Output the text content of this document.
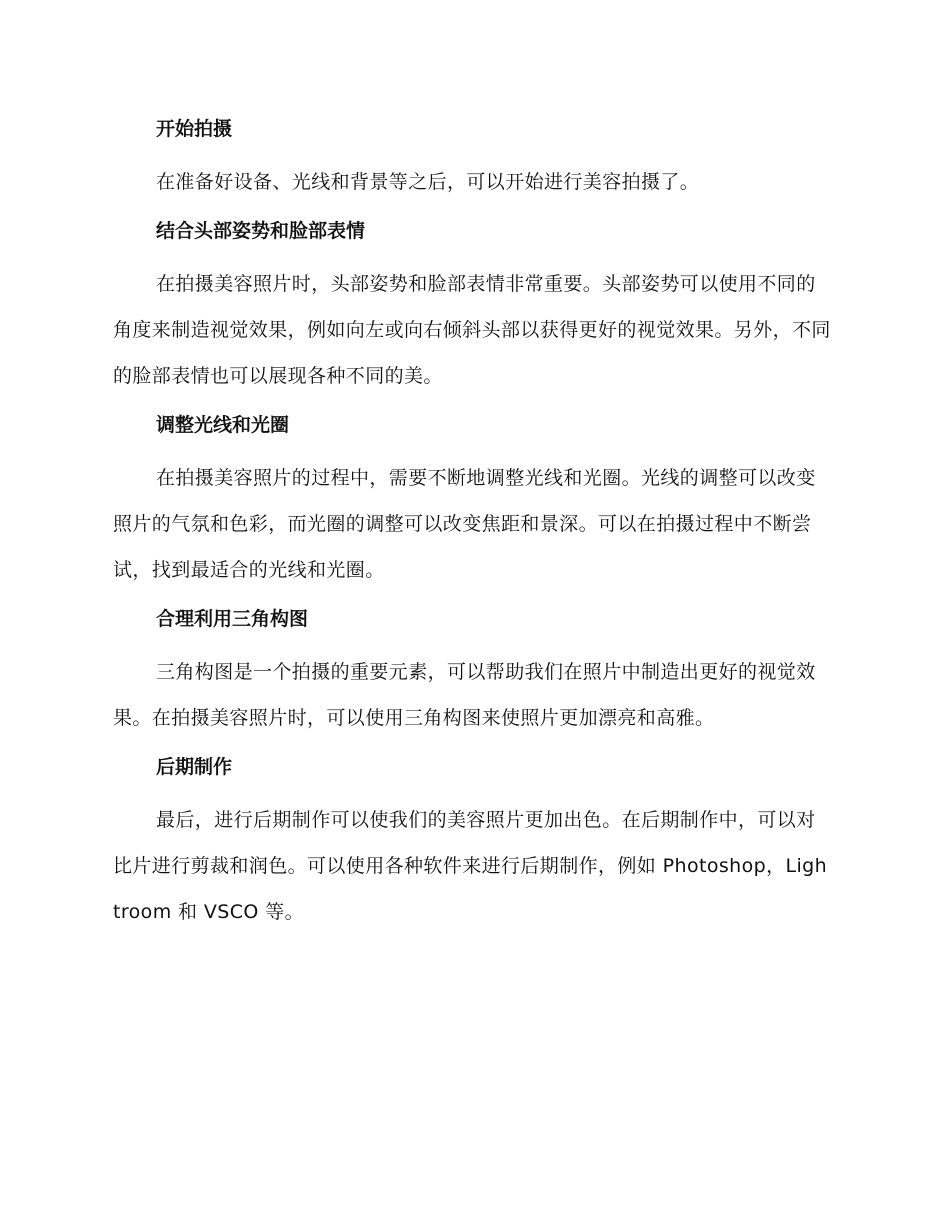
开始拍摄

在准备好设备、光线和背景等之后，可以开始进行美容拍摄了。

结合头部姿势和脸部表情

在拍摄美容照片时，头部姿势和脸部表情非常重要。头部姿势可以使用不同的角度来制造视觉效果，例如向左或向右倾斜头部以获得更好的视觉效果。另外，不同的脸部表情也可以展现各种不同的美。

调整光线和光圈

在拍摄美容照片的过程中，需要不断地调整光线和光圈。光线的调整可以改变照片的气氛和色彩，而光圈的调整可以改变焦距和景深。可以在拍摄过程中不断尝试，找到最适合的光线和光圈。

合理利用三角构图

三角构图是一个拍摄的重要元素，可以帮助我们在照片中制造出更好的视觉效果。在拍摄美容照片时，可以使用三角构图来使照片更加漂亮和高雅。

后期制作

最后，进行后期制作可以使我们的美容照片更加出色。在后期制作中，可以对比片进行剪裁和润色。可以使用各种软件来进行后期制作，例如 Photoshop，Lightroom 和 VSCO 等。
